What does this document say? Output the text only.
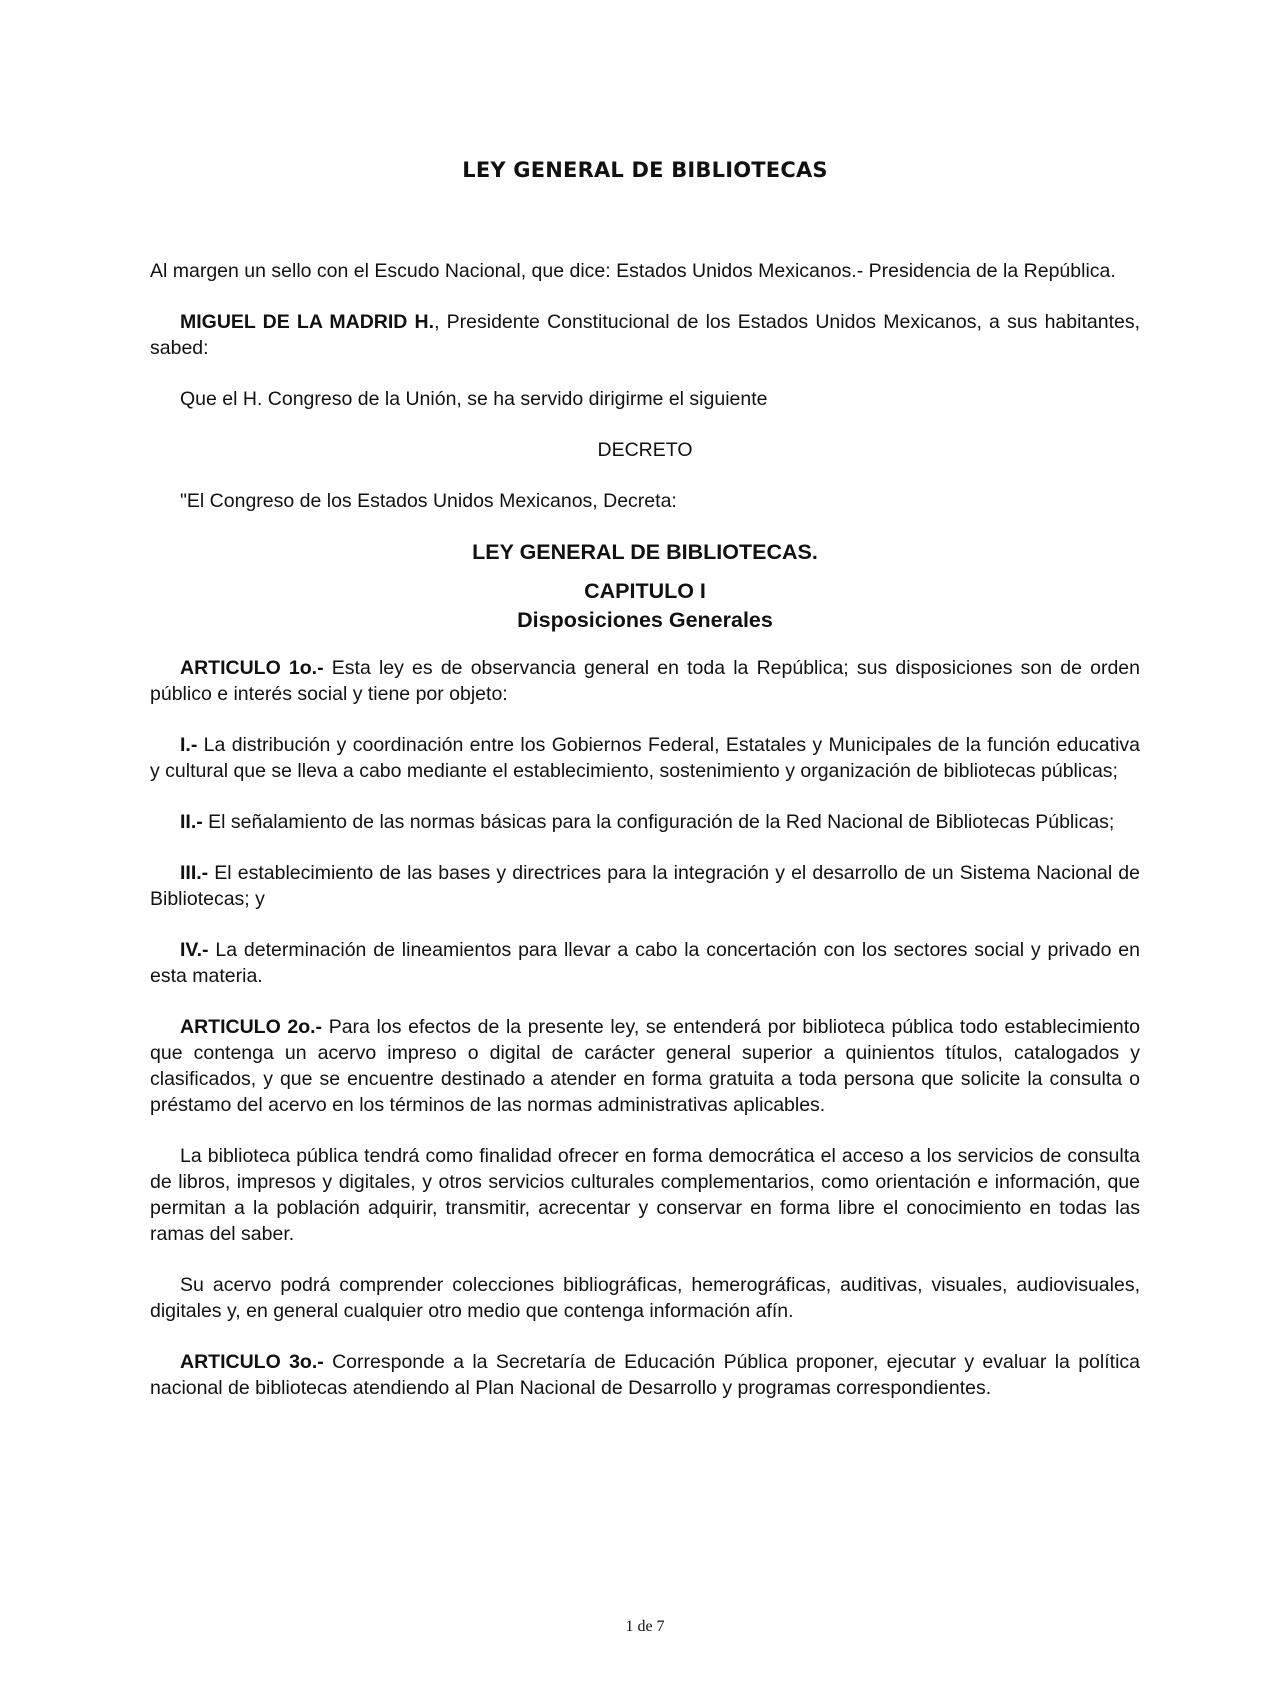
LEY GENERAL DE BIBLIOTECAS

Al margen un sello con el Escudo Nacional, que dice: Estados Unidos Mexicanos.- Presidencia de la República.

MIGUEL DE LA MADRID H., Presidente Constitucional de los Estados Unidos Mexicanos, a sus habitantes, sabed:

Que el H. Congreso de la Unión, se ha servido dirigirme el siguiente

DECRETO

"El Congreso de los Estados Unidos Mexicanos, Decreta:

LEY GENERAL DE BIBLIOTECAS.
CAPITULO I
Disposiciones Generales

ARTICULO 1o.- Esta ley es de observancia general en toda la República; sus disposiciones son de orden público e interés social y tiene por objeto:

I.- La distribución y coordinación entre los Gobiernos Federal, Estatales y Municipales de la función educativa y cultural que se lleva a cabo mediante el establecimiento, sostenimiento y organización de bibliotecas públicas;

II.- El señalamiento de las normas básicas para la configuración de la Red Nacional de Bibliotecas Públicas;

III.- El establecimiento de las bases y directrices para la integración y el desarrollo de un Sistema Nacional de Bibliotecas; y

IV.- La determinación de lineamientos para llevar a cabo la concertación con los sectores social y privado en esta materia.

ARTICULO 2o.- Para los efectos de la presente ley, se entenderá por biblioteca pública todo establecimiento que contenga un acervo impreso o digital de carácter general superior a quinientos títulos, catalogados y clasificados, y que se encuentre destinado a atender en forma gratuita a toda persona que solicite la consulta o préstamo del acervo en los términos de las normas administrativas aplicables.

La biblioteca pública tendrá como finalidad ofrecer en forma democrática el acceso a los servicios de consulta de libros, impresos y digitales, y otros servicios culturales complementarios, como orientación e información, que permitan a la población adquirir, transmitir, acrecentar y conservar en forma libre el conocimiento en todas las ramas del saber.

Su acervo podrá comprender colecciones bibliográficas, hemerográficas, auditivas, visuales, audiovisuales, digitales y, en general cualquier otro medio que contenga información afín.

ARTICULO 3o.- Corresponde a la Secretaría de Educación Pública proponer, ejecutar y evaluar la política nacional de bibliotecas atendiendo al Plan Nacional de Desarrollo y programas correspondientes.

1 de 7
